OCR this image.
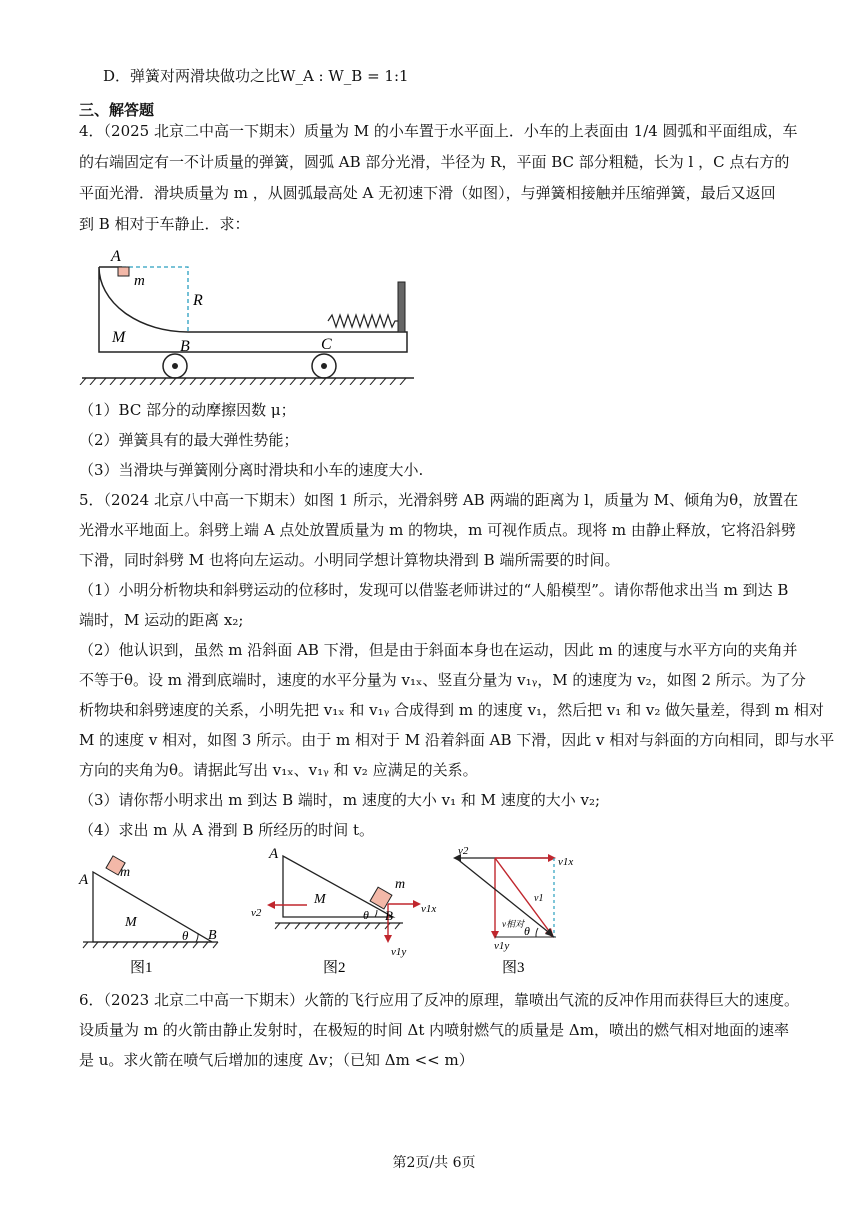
D．弹簧对两滑块做功之比W_A : W_B = 1:1
三、解答题
4．（2025 北京二中高一下期末）质量为 M 的小车置于水平面上．小车的上表面由 1/4 圆弧和平面组成，车
的右端固定有一不计质量的弹簧，圆弧 AB 部分光滑，半径为 R，平面 BC 部分粗糙，长为 l ，C 点右方的
平面光滑．滑块质量为 m ，从圆弧最高处 A 无初速下滑（如图），与弹簧相接触并压缩弹簧，最后又返回
到 B 相对于车静止．求：
A
m
R
M
B	C
（1）BC 部分的动摩擦因数 μ；
（2）弹簧具有的最大弹性势能；
（3）当滑块与弹簧刚分离时滑块和小车的速度大小.
5．（2024 北京八中高一下期末）如图 1 所示，光滑斜劈 AB 两端的距离为 l，质量为 M、倾角为θ，放置在
光滑水平地面上。斜劈上端 A 点处放置质量为 m 的物块，m 可视作质点。现将 m 由静止释放，它将沿斜劈
下滑，同时斜劈 M 也将向左运动。小明同学想计算物块滑到 B 端所需要的时间。
（1）小明分析物块和斜劈运动的位移时，发现可以借鉴老师讲过的“人船模型”。请你帮他求出当 m 到达 B
端时，M 运动的距离 x₂;
（2）他认识到，虽然 m 沿斜面 AB 下滑，但是由于斜面本身也在运动，因此 m 的速度与水平方向的夹角并
不等于θ。设 m 滑到底端时，速度的水平分量为 v₁ₓ、竖直分量为 v₁ᵧ，M 的速度为 v₂，如图 2 所示。为了分
析物块和斜劈速度的关系，小明先把 v₁ₓ 和 v₁ᵧ 合成得到 m 的速度 v₁，然后把 v₁ 和 v₂ 做矢量差，得到 m 相对
M 的速度 v 相对，如图 3 所示。由于 m 相对于 M 沿着斜面 AB 下滑，因此 v 相对与斜面的方向相同，即与水平
方向的夹角为θ。请据此写出 v₁ₓ、v₁ᵧ 和 v₂ 应满足的关系。
（3）请你帮小明求出 m 到达 B 端时，m 速度的大小 v₁ 和 M 速度的大小 v₂;
（4）求出 m 从 A 滑到 B 所经历的时间 t。
A m
M
θ B
图1
A
M
m
v1x
v2	θ B
v1y
图2
v2
v1x
v1
v相对
v1y
θ
图3
6．（2023 北京二中高一下期末）火箭的飞行应用了反冲的原理，靠喷出气流的反冲作用而获得巨大的速度。
设质量为 m 的火箭由静止发射时，在极短的时间 Δt 内喷射燃气的质量是 Δm，喷出的燃气相对地面的速率
是 u。求火箭在喷气后增加的速度 Δv；（已知 Δm << m）
第2页/共 6页
